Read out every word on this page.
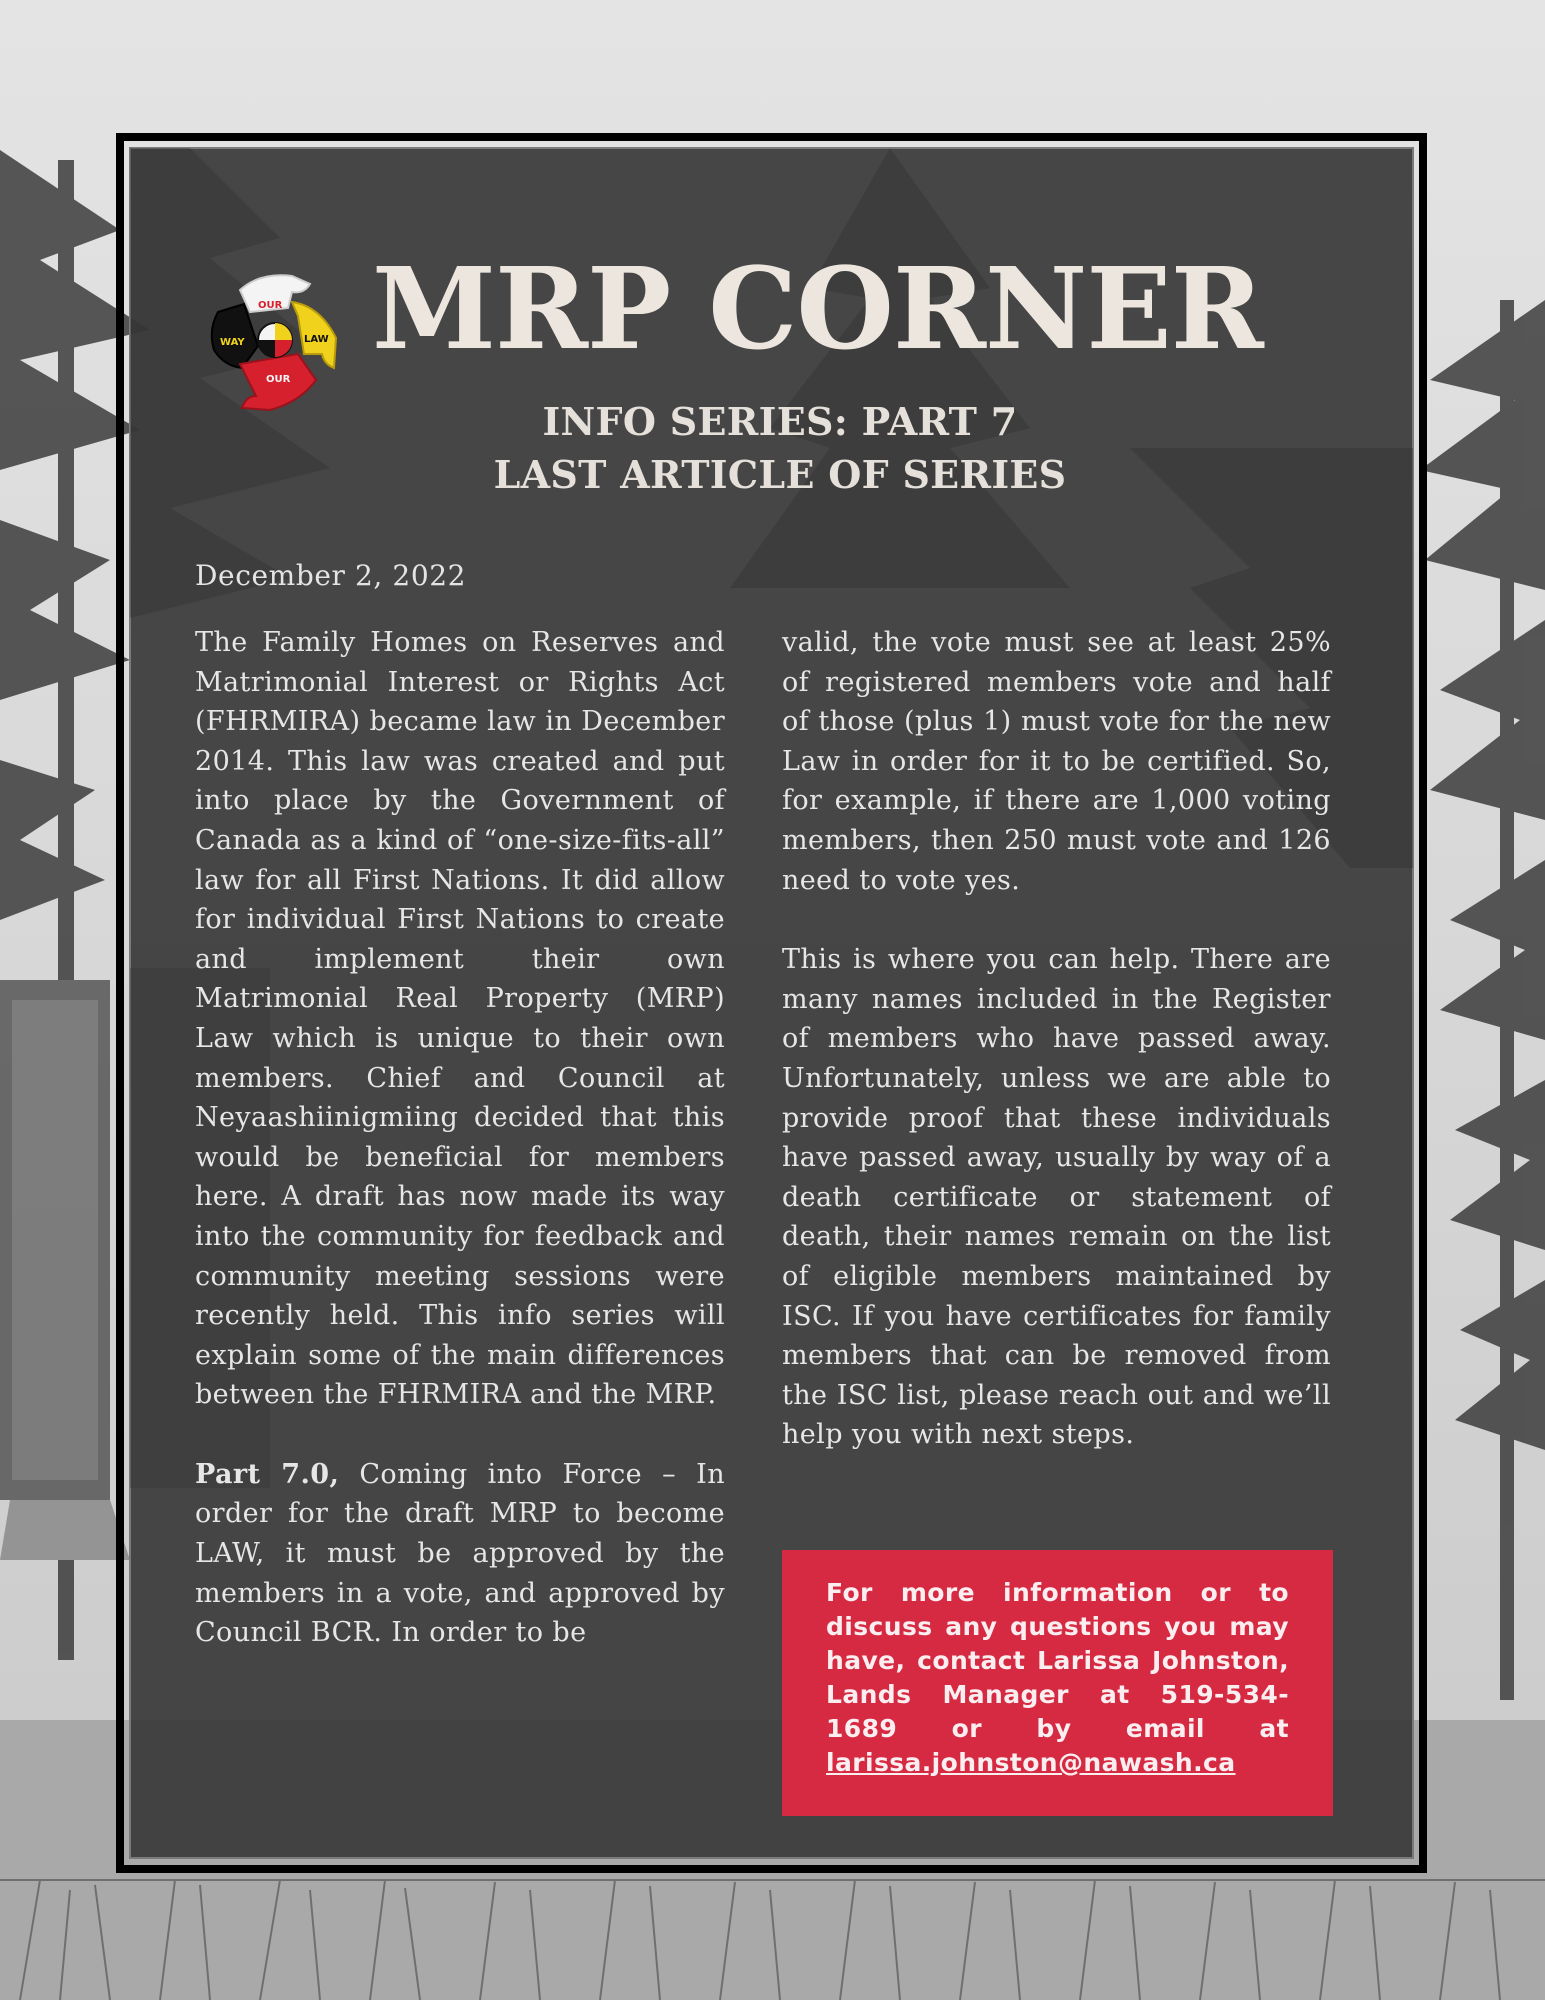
OUR
WAY	LAW
OUR
MRP CORNER
INFO SERIES: PART 7
LAST ARTICLE OF SERIES

December 2, 2022

The Family Homes on Reserves and Matrimonial Interest or Rights Act (FHRMIRA) became law in December 2014. This law was created and put into place by the Government of Canada as a kind of “one-size-fits-all” law for all First Nations. It did allow for individual First Nations to create and implement their own Matrimonial Real Property (MRP) Law which is unique to their own members. Chief and Council at Neyaashiinigmiing decided that this would be beneficial for members here. A draft has now made its way into the community for feedback and community meeting sessions were recently held. This info series will explain some of the main differences between the FHRMIRA and the MRP.

Part 7.0, Coming into Force – In order for the draft MRP to become LAW, it must be approved by the members in a vote, and approved by Council BCR. In order to be

valid, the vote must see at least 25% of registered members vote and half of those (plus 1) must vote for the new Law in order for it to be certified. So, for example, if there are 1,000 voting members, then 250 must vote and 126 need to vote yes.

This is where you can help. There are many names included in the Register of members who have passed away. Unfortunately, unless we are able to provide proof that these individuals have passed away, usually by way of a death certificate or statement of death, their names remain on the list of eligible members maintained by ISC. If you have certificates for family members that can be removed from the ISC list, please reach out and we’ll help you with next steps.

For more information or to discuss any questions you may have, contact Larissa Johnston, Lands Manager at 519-534-1689 or by email at larissa.johnston@nawash.ca
